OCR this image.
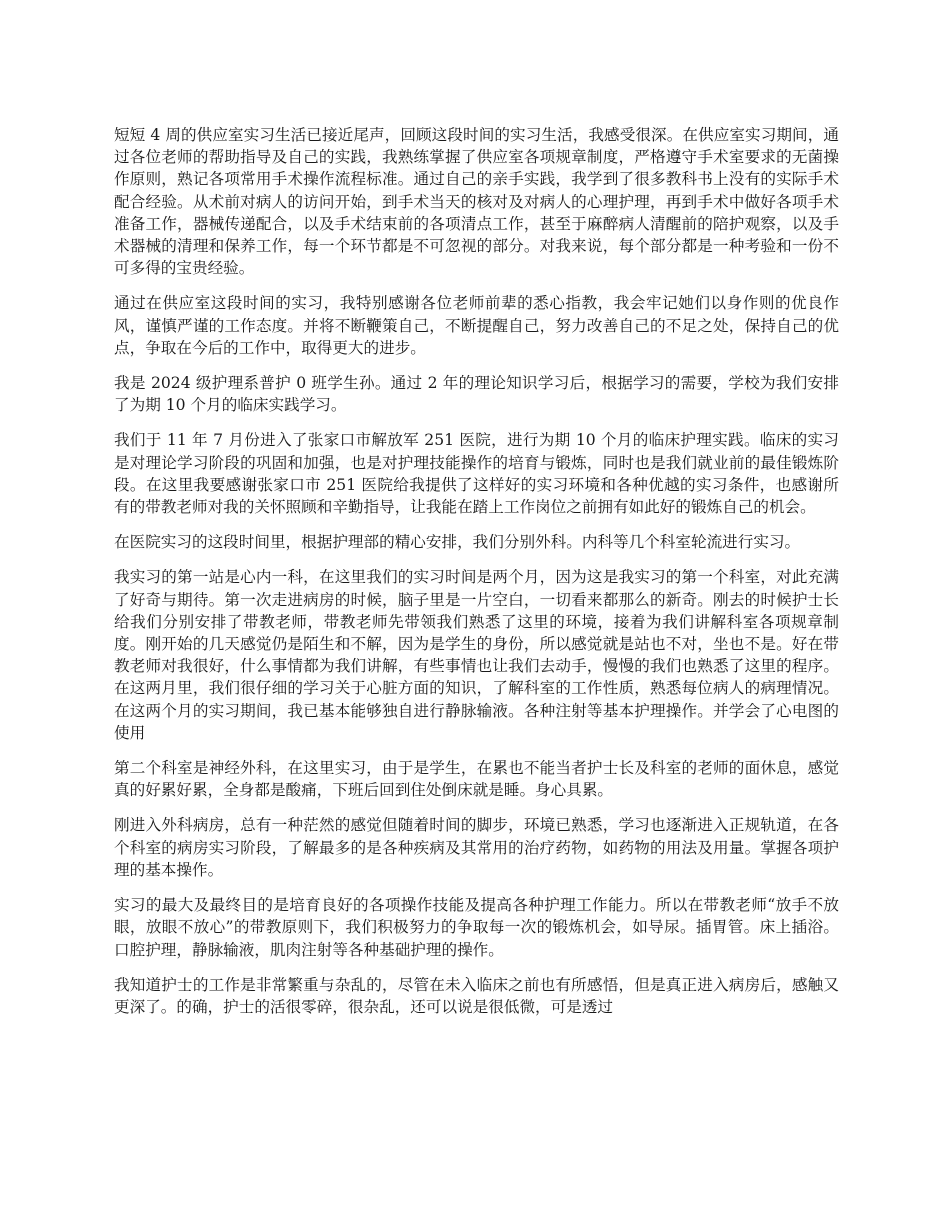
短短 4 周的供应室实习生活已接近尾声，回顾这段时间的实习生活，我感受很深。在供应室实习期间，通过各位老师的帮助指导及自己的实践，我熟练掌握了供应室各项规章制度，严格遵守手术室要求的无菌操作原则，熟记各项常用手术操作流程标准。通过自己的亲手实践，我学到了很多教科书上没有的实际手术配合经验。从术前对病人的访问开始，到手术当天的核对及对病人的心理护理，再到手术中做好各项手术准备工作，器械传递配合，以及手术结束前的各项清点工作，甚至于麻醉病人清醒前的陪护观察，以及手术器械的清理和保养工作，每一个环节都是不可忽视的部分。对我来说，每个部分都是一种考验和一份不可多得的宝贵经验。

通过在供应室这段时间的实习，我特别感谢各位老师前辈的悉心指教，我会牢记她们以身作则的优良作风，谨慎严谨的工作态度。并将不断鞭策自己，不断提醒自己，努力改善自己的不足之处，保持自己的优点，争取在今后的工作中，取得更大的进步。

我是 2024 级护理系普护 0 班学生孙。通过 2 年的理论知识学习后，根据学习的需要，学校为我们安排了为期 10 个月的临床实践学习。

我们于 11 年 7 月份进入了张家口市解放军 251 医院，进行为期 10 个月的临床护理实践。临床的实习是对理论学习阶段的巩固和加强，也是对护理技能操作的培育与锻炼，同时也是我们就业前的最佳锻炼阶段。在这里我要感谢张家口市 251 医院给我提供了这样好的实习环境和各种优越的实习条件，也感谢所有的带教老师对我的关怀照顾和辛勤指导，让我能在踏上工作岗位之前拥有如此好的锻炼自己的机会。

在医院实习的这段时间里，根据护理部的精心安排，我们分别外科。内科等几个科室轮流进行实习。

我实习的第一站是心内一科，在这里我们的实习时间是两个月，因为这是我实习的第一个科室，对此充满了好奇与期待。第一次走进病房的时候，脑子里是一片空白，一切看来都那么的新奇。刚去的时候护士长给我们分别安排了带教老师，带教老师先带领我们熟悉了这里的环境，接着为我们讲解科室各项规章制度。刚开始的几天感觉仍是陌生和不解，因为是学生的身份，所以感觉就是站也不对，坐也不是。好在带教老师对我很好，什么事情都为我们讲解，有些事情也让我们去动手，慢慢的我们也熟悉了这里的程序。在这两月里，我们很仔细的学习关于心脏方面的知识，了解科室的工作性质，熟悉每位病人的病理情况。在这两个月的实习期间，我已基本能够独自进行静脉输液。各种注射等基本护理操作。并学会了心电图的使用

第二个科室是神经外科，在这里实习，由于是学生，在累也不能当者护士长及科室的老师的面休息，感觉真的好累好累，全身都是酸痛，下班后回到住处倒床就是睡。身心具累。

刚进入外科病房，总有一种茫然的感觉但随着时间的脚步，环境已熟悉，学习也逐渐进入正规轨道，在各个科室的病房实习阶段，了解最多的是各种疾病及其常用的治疗药物，如药物的用法及用量。掌握各项护理的基本操作。

实习的最大及最终目的是培育良好的各项操作技能及提高各种护理工作能力。所以在带教老师“放手不放眼，放眼不放心”的带教原则下，我们积极努力的争取每一次的锻炼机会，如导尿。插胃管。床上插浴。口腔护理，静脉输液，肌肉注射等各种基础护理的操作。

我知道护士的工作是非常繁重与杂乱的，尽管在未入临床之前也有所感悟，但是真正进入病房后，感触又更深了。的确，护士的活很零碎，很杂乱，还可以说是很低微，可是透过
